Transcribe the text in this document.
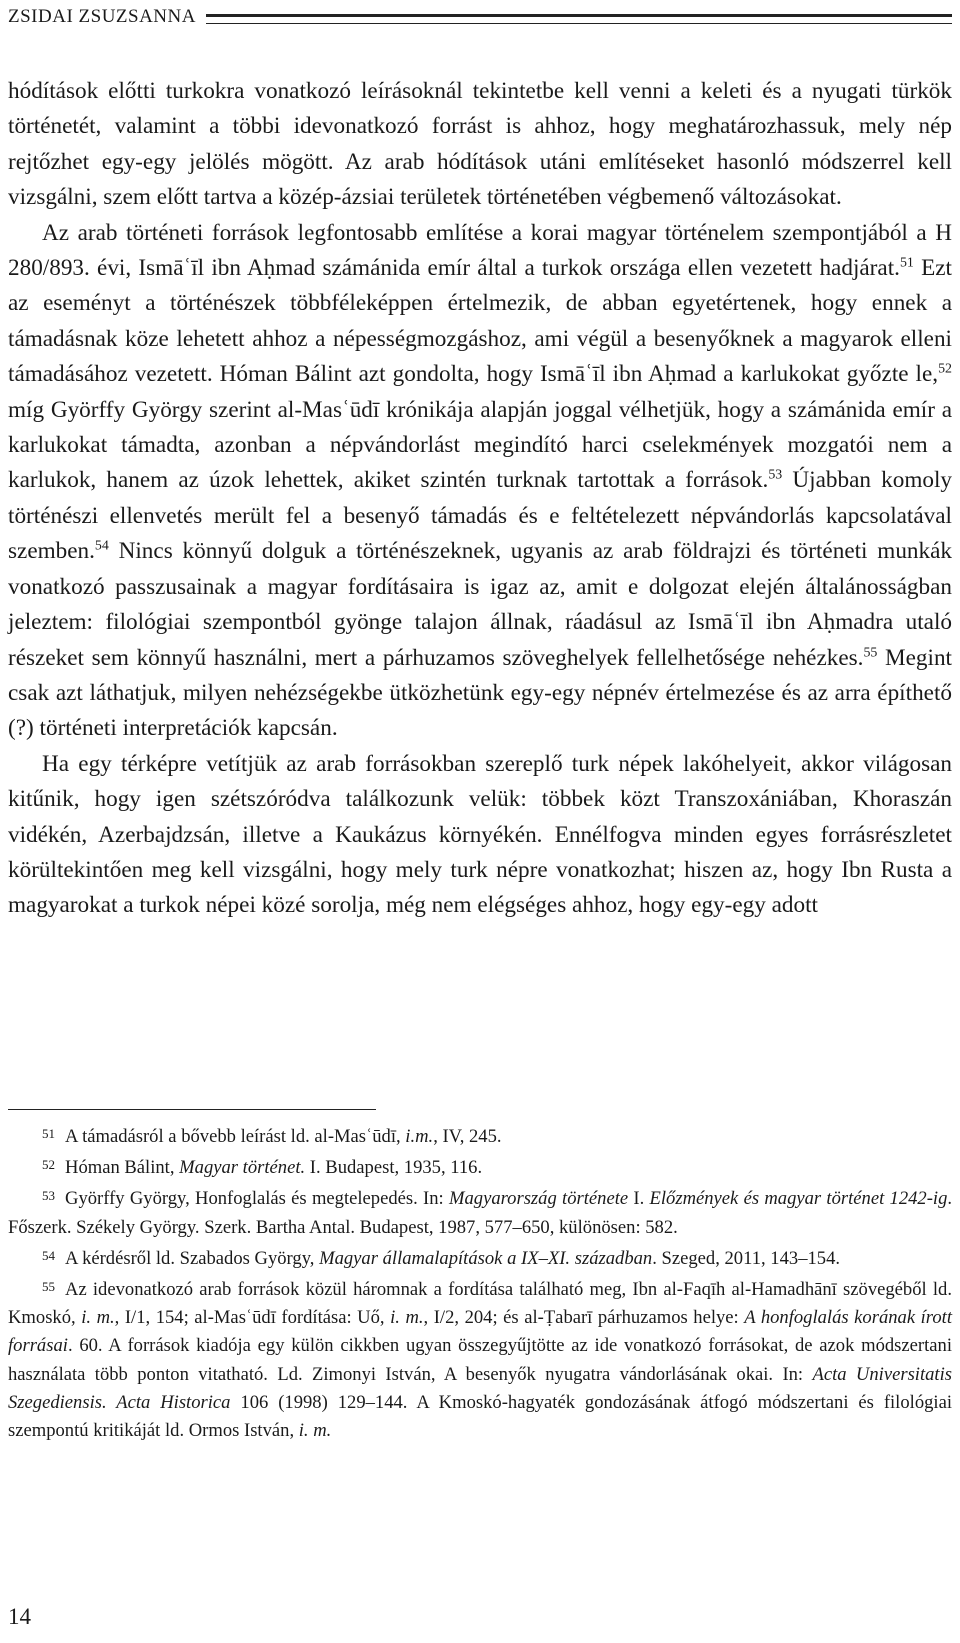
ZSIDAI ZSUZSANNA

hódítások előtti turkokra vonatkozó leírásoknál tekintetbe kell venni a keleti és a nyugati türkök történetét, valamint a többi idevonatkozó forrást is ahhoz, hogy meghatározhassuk, mely nép rejtőzhet egy-egy jelölés mögött. Az arab hódítások utáni említéseket hasonló módszerrel kell vizsgálni, szem előtt tartva a közép-ázsiai területek történetében végbemenő változásokat.

Az arab történeti források legfontosabb említése a korai magyar történelem szempontjából a H 280/893. évi, Ismāʿīl ibn Aḥmad számánida emír által a turkok országa ellen vezetett hadjárat.$^{51}$ Ezt az eseményt a történészek többféleképpen értelmezik, de abban egyetértenek, hogy ennek a támadásnak köze lehetett ahhoz a népességmozgáshoz, ami végül a besenyőknek a magyarok elleni támadásához vezetett. Hóman Bálint azt gondolta, hogy Ismāʿīl ibn Aḥmad a karlukokat győzte le,$^{52}$ míg Györffy György szerint al-Masʿūdī krónikája alapján joggal vélhetjük, hogy a számánida emír a karlukokat támadta, azonban a népvándorlást megindító harci cselekmények mozgatói nem a karlukok, hanem az úzok lehettek, akiket szintén turknak tartottak a források.$^{53}$ Újabban komoly történészi ellenvetés merült fel a besenyő támadás és e feltételezett népvándorlás kapcsolatával szemben.$^{54}$ Nincs könnyű dolguk a történészeknek, ugyanis az arab földrajzi és történeti munkák vonatkozó passzusainak a magyar fordításaira is igaz az, amit e dolgozat elején általánosságban jeleztem: filológiai szempontból gyönge talajon állnak, ráadásul az Ismāʿīl ibn Aḥmadra utaló részeket sem könnyű használni, mert a párhuzamos szöveghelyek fellelhetősége nehézkes.$^{55}$ Megint csak azt láthatjuk, milyen nehézségekbe ütközhetünk egy-egy népnév értelmezése és az arra építhető (?) történeti interpretációk kapcsán.

Ha egy térképre vetítjük az arab forrásokban szereplő turk népek lakóhelyeit, akkor világosan kitűnik, hogy igen szétszóródva találkozunk velük: többek közt Transzoxániában, Khoraszán vidékén, Azerbajdzsán, illetve a Kaukázus környékén. Ennélfogva minden egyes forrásrészletet körültekintően meg kell vizsgálni, hogy mely turk népre vonatkozhat; hiszen az, hogy Ibn Rusta a magyarokat a turkok népei közé sorolja, még nem elégséges ahhoz, hogy egy-egy adott

$^{51}$ A támadásról a bővebb leírást ld. al-Masʿūdī, i.m., IV, 245.

$^{52}$ Hóman Bálint, Magyar történet. I. Budapest, 1935, 116.

$^{53}$ Györffy György, Honfoglalás és megtelepedés. In: Magyarország története I. Előzmények és magyar történet 1242-ig. Főszerk. Székely György. Szerk. Bartha Antal. Budapest, 1987, 577–650, különösen: 582.

$^{54}$ A kérdésről ld. Szabados György, Magyar államalapítások a IX–XI. században. Szeged, 2011, 143–154.

$^{55}$ Az idevonatkozó arab források közül háromnak a fordítása található meg, Ibn al-Faqīh al-Hamadhānī szövegéből ld. Kmoskó, i. m., I/1, 154; al-Masʿūdī fordítása: Uő, i. m., I/2, 204; és al-Ṭabarī párhuzamos helye: A honfoglalás korának írott forrásai. 60. A források kiadója egy külön cikkben ugyan összegyűjtötte az ide vonatkozó forrásokat, de azok módszertani használata több ponton vitatható. Ld. Zimonyi István, A besenyők nyugatra vándorlásának okai. In: Acta Universitatis Szegediensis. Acta Historica 106 (1998) 129–144. A Kmoskó-hagyaték gondozásának átfogó módszertani és filológiai szempontú kritikáját ld. Ormos István, i. m.

14
